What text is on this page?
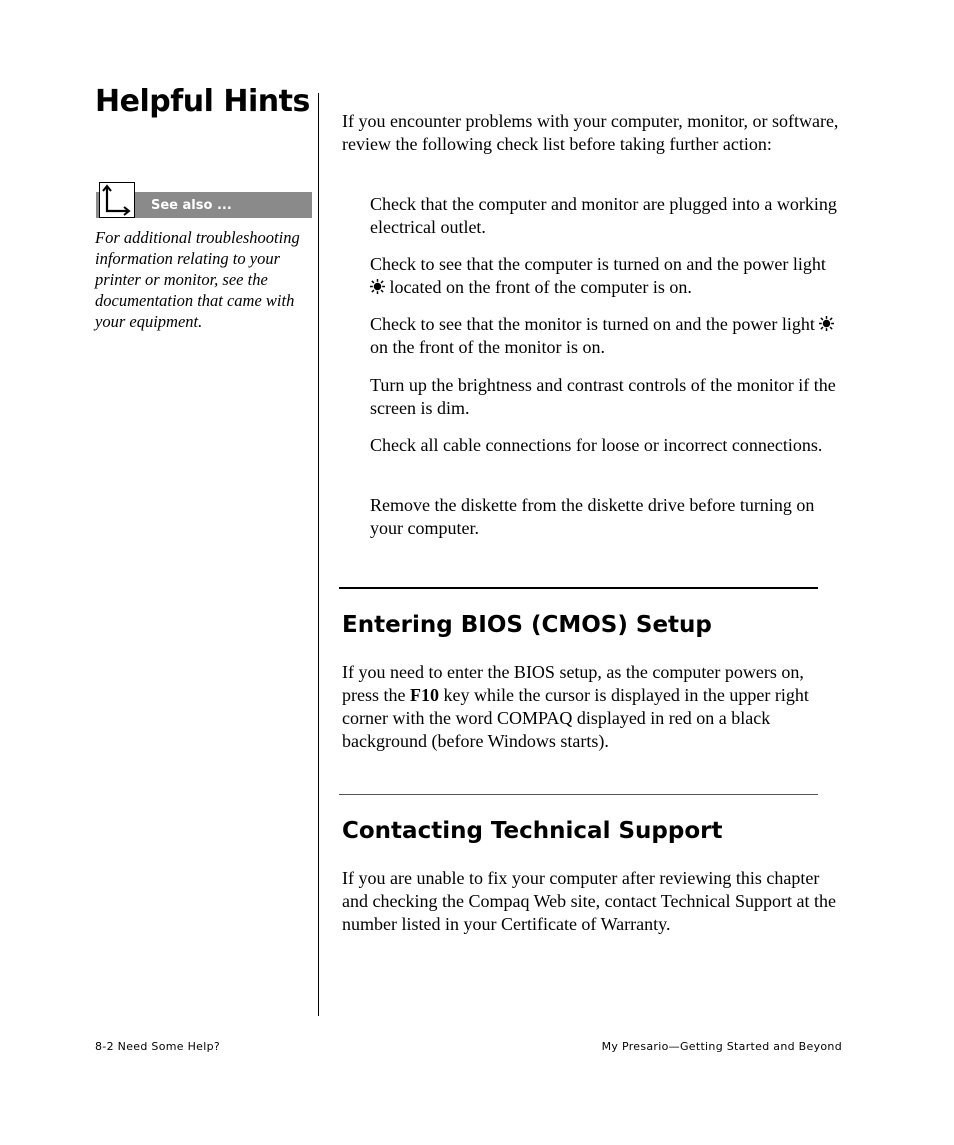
Helpful Hints
See also ...

For additional troubleshooting information relating to your printer or monitor, see the documentation that came with your equipment.

If you encounter problems with your computer, monitor, or software, review the following check list before taking further action:

Check that the computer and monitor are plugged into a working electrical outlet.

Check to see that the computer is turned on and the power light  located on the front of the computer is on.

Check to see that the monitor is turned on and the power light  on the front of the monitor is on.

Turn up the brightness and contrast controls of the monitor if the screen is dim.

Check all cable connections for loose or incorrect connections.

Remove the diskette from the diskette drive before turning on your computer.

Entering BIOS (CMOS) Setup

If you need to enter the BIOS setup, as the computer powers on, press the F10 key while the cursor is displayed in the upper right corner with the word COMPAQ displayed in red on a black background (before Windows starts).

Contacting Technical Support

If you are unable to fix your computer after reviewing this chapter and checking the Compaq Web site, contact Technical Support at the number listed in your Certificate of Warranty.

8-2 Need Some Help?	My Presario—Getting Started and Beyond
